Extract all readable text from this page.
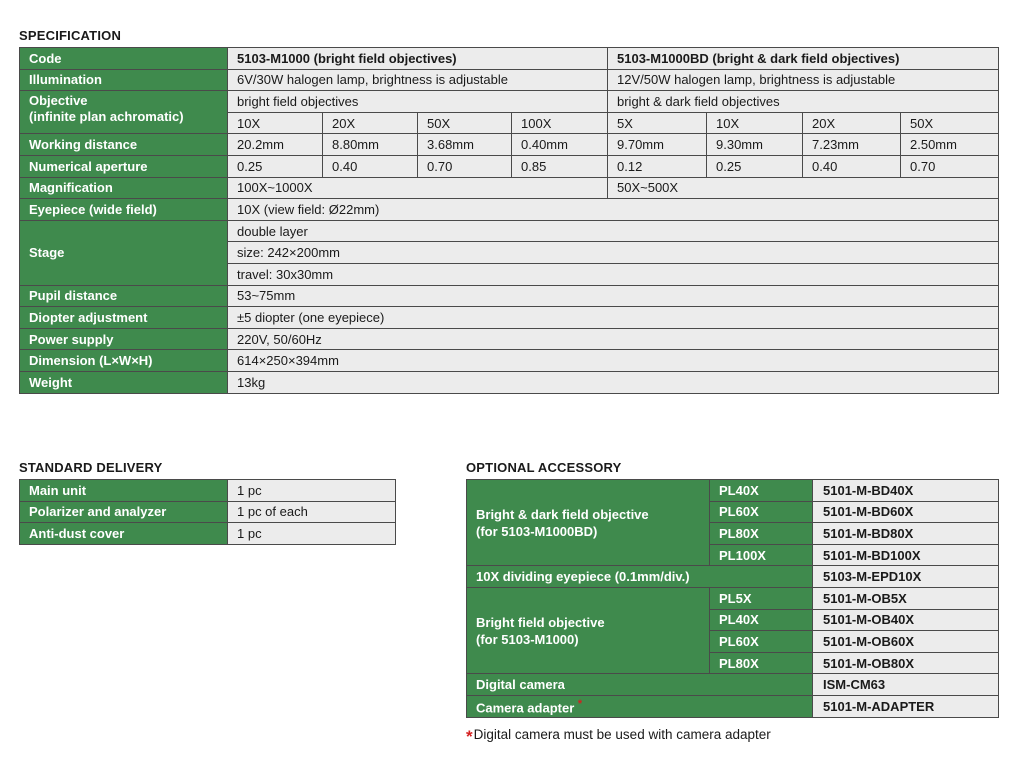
SPECIFICATION
Code	5103-M1000 (bright field objectives)				5103-M1000BD (bright & dark field objectives)			
Illumination	6V/30W halogen lamp, brightness is adjustable				12V/50W halogen lamp, brightness is adjustable			

Objective
(infinite plan achromatic)	bright field objectives				bright & dark field objectives			
	10X	20X	50X	100X	5X	10X	20X	50X
Working distance	20.2mm	8.80mm	3.68mm	0.40mm	9.70mm	9.30mm	7.23mm	2.50mm
Numerical aperture	0.25	0.40	0.70	0.85	0.12	0.25	0.40	0.70
Magnification	100X~1000X				50X~500X			
Eyepiece (wide field)	10X (view field: Ø22mm)							
Stage	double layer							
	size: 242×200mm							
	travel: 30x30mm							
Pupil distance	53~75mm							
Diopter adjustment	±5 diopter (one eyepiece)							
Power supply	220V, 50/60Hz							
Dimension (L×W×H)	614×250×394mm							
Weight	13kg							
STANDARD DELIVERY
Main unit	1 pc
Polarizer and analyzer	1 pc of each
Anti-dust cover	1 pc
OPTIONAL ACCESSORY
Bright & dark field objective
(for 5103-M1000BD)	PL40X	5101-M-BD40X
	PL60X	5101-M-BD60X
	PL80X	5101-M-BD80X
	PL100X	5101-M-BD100X
10X dividing eyepiece (0.1mm/div.)		5103-M-EPD10X

Bright field objective
(for 5103-M1000)	PL5X	5101-M-OB5X
	PL40X	5101-M-OB40X
	PL60X	5101-M-OB60X
	PL80X	5101-M-OB80X
Digital camera		ISM-CM63
Camera adapter *		5101-M-ADAPTER
*Digital camera must be used with camera adapter
